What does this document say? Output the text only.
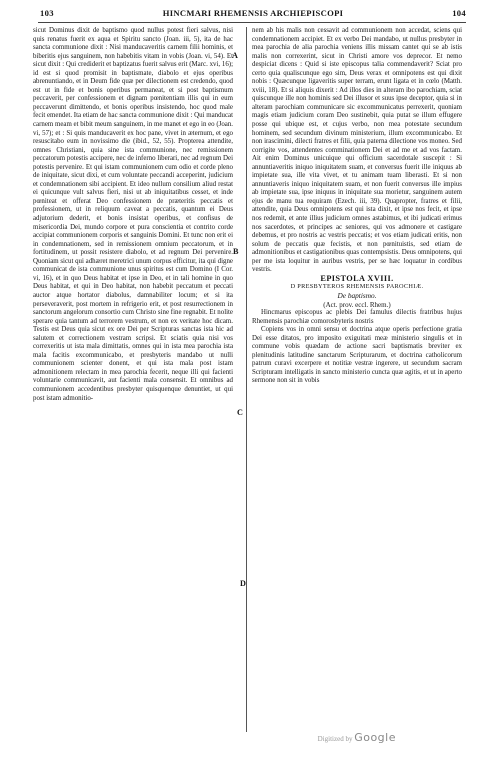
103	HINCMARI RHEMENSIS ARCHIEPISCOPI	104

sicut Dominus dixit de baptismo quod nullus potest fieri salvus, nisi quis renatus fuerit ex aqua et Spiritu sancto (Joan. iii, 5), ita de hac sancta communione dixit : Nisi manducaveritis carnem filii hominis, et biberitis ejus sanguinem, non habebitis vitam in vobis (Joan. vi, 54). Et sicut dixit : Qui crediderit et baptizatus fuerit salvus erit (Marc. xvi, 16); id est si quod promisit in baptismate, diabolo et ejus operibus abrenuntiando, et in Deum fide quæ per dilectionem est credendo, quod est ut in fide et bonis operibus permaneat, et si post baptismum peccaverit, per confessionem et dignam pœnitentiam illis qui in eum peccaverunt dimittendo, et bonis operibus insistendo, hoc quod male fecit emendet. Ita etiam de hac sancta communione dixit : Qui manducat carnem meam et bibit meum sanguinem, in me manet et ego in eo (Joan. vi, 57); et : Si quis manducaverit ex hoc pane, vivet in æternum, et ego resuscitabo eum in novissimo die (ibid., 52, 55). Propterea attendite, omnes Christiani, quia sine ista communione, nec remissionem peccatorum potestis accipere, nec de inferno liberari, nec ad regnum Dei potestis pervenire. Et qui istam communionem cum odio et corde pleno de iniquitate, sicut dixi, et cum voluntate peccandi acceperint, judicium et condemnationem sibi accipient. Et ideo nullum consilium aliud restat ei quicunque vult salvus fieri, nisi ut ab iniquitatibus cesset, et inde pœniteat et offerat Deo confessionem de præteritis peccatis et professionem, ut in reliquum caveat a peccatis, quantum ei Deus adjutorium dederit, et bonis insistat operibus, et confisus de misericordia Dei, mundo corpore et pura conscientia et contrito corde accipiat communionem corporis et sanguinis Domini. Et tunc non erit ei in condemnationem, sed in remissionem omnium peccatorum, et in fortitudinem, ut possit resistere diabolo, et ad regnum Dei pervenire. Quoniam sicut qui adhæret meretrici unum corpus efficitur, ita qui digne communicat de ista communione unus spiritus est cum Domino (I Cor. vi, 16), et in quo Deus habitat et ipse in Deo, et in tali homine in quo Deus habitat, et qui in Deo habitat, non habebit peccatum et peccati auctor atque hortator diabolus, damnabiliter locum; et si ita perseveraverit, post mortem in refrigerio erit, et post resurrectionem in sanctorum angelorum consortio cum Christo sine fine regnabit. Et nolite sperare quia tantum ad terrorem vestrum, et non ex veritate hoc dicam. Testis est Deus quia sicut ex ore Dei per Scripturas sanctas ista hic ad salutem et correctionem vestram scripsi. Et sciatis quia nisi vos correxeritis ut ista mala dimittatis, omnes qui in ista mea parochia ista mala facitis excommunicabo, et presbyteris mandabo ut nulli communionem scienter donent, et qui ista mala post istam admonitionem relectam in mea parochia fecerit, neque illi qui facienti voluntarie communicavit, aut facienti mala consensit. Et omnibus ad communionem accedentibus presbyter quisquenque denuntiet, ut qui post istam admonitio-

A
B
C
D

nem ab his malis non cessavit ad communionem non accedat, sciens qui condemnationem accipiet. Et ex verbo Dei mandabo, ut nullus presbyter in mea parochia de alia parochia veniens illis missam cantet qui se ab istis malis non correxerint, sicut in Christi amore vos deprecor. Et nemo despiciat dicens : Quid si iste episcopus talia commendaverit? Sciat pro certo quia qualiscunque ego sim, Deus verax et omnipotens est qui dixit nobis : Quæcunque ligaveritis super terram, erunt ligata et in cœlo (Matth. xviii, 18). Et si aliquis dixerit : Ad illos dies in alteram ibo parochiam, sciat quiscunque ille non hominis sed Dei illusor et suus ipse deceptor, quia si in alteram parochiam communicare sic excommunicatus perrexerit, quoniam magis etiam judicium coram Deo sustinebit, quia putat se illum effugere posse qui ubique est, et cujus verbo, non mea potestate secundum hominem, sed secundum divinum ministerium, illum excommunicabo. Et non irascimini, dilecti fratres et filii, quia paterna dilectione vos moneo. Sed corrigite vos, attendentes comminationem Dei et ad me et ad vos factam. Ait enim Dominus unicuique qui officium sacerdotale suscepit : Si annuntiaveritis iniquo iniquitatem suam, et conversus fuerit ille iniquus ab impietate sua, ille vita vivet, et tu animam tuam liberasti. Et si non annuntiaveris iniquo iniquitatem suam, et non fuerit conversus ille impius ab impietate sua, ipse iniquus in iniquitate sua morietur, sanguinem autem ejus de manu tua requiram (Ezech. iii, 39). Quapropter, fratres et filii, attendite, quia Deus omnipotens est qui ista dixit, et ipse nos fecit, et ipse nos redemit, et ante illius judicium omnes astabimus, et ibi judicati erimus nos sacerdotes, et principes ac seniores, qui vos admonere et castigare debemus, et pro nostris ac vestris peccatis; et vos etiam judicati eritis, non solum de peccatis quæ fecistis, et non pœnituistis, sed etiam de admonitionibus et castigationibus quas contempsistis. Deus omnipotens, qui per me ista loquitur in auribus vestris, per se hæc loquatur in cordibus vestris.

EPISTOLA XVIII.

D PRESBYTEROS RHEMENSIS PAROCHIÆ.

De baptismo.

(Act. prov. eccl. Rhem.)

Hincmarus episcopus ac plebis Dei famulus dilectis fratribus hujus Rhemensis parochiæ comorosbyteris nostris

Copiens vos in omni sensu et doctrina atque operis perfectione gratia Dei esse ditatos, pro imposito exiguitati meæ ministerio singulis et in commune vobis quædam de actione sacri baptismatis breviter ex plenitudinis latitudine sanctarum Scripturarum, et doctrina catholicorum patrum curavi excerpere et notitiæ vestræ ingerere, ut secundum sacram Scripturam intelligatis in sancto ministerio cuncta quæ agitis, et ut in aperto sermone non sit in vobis

Digitized by Google
